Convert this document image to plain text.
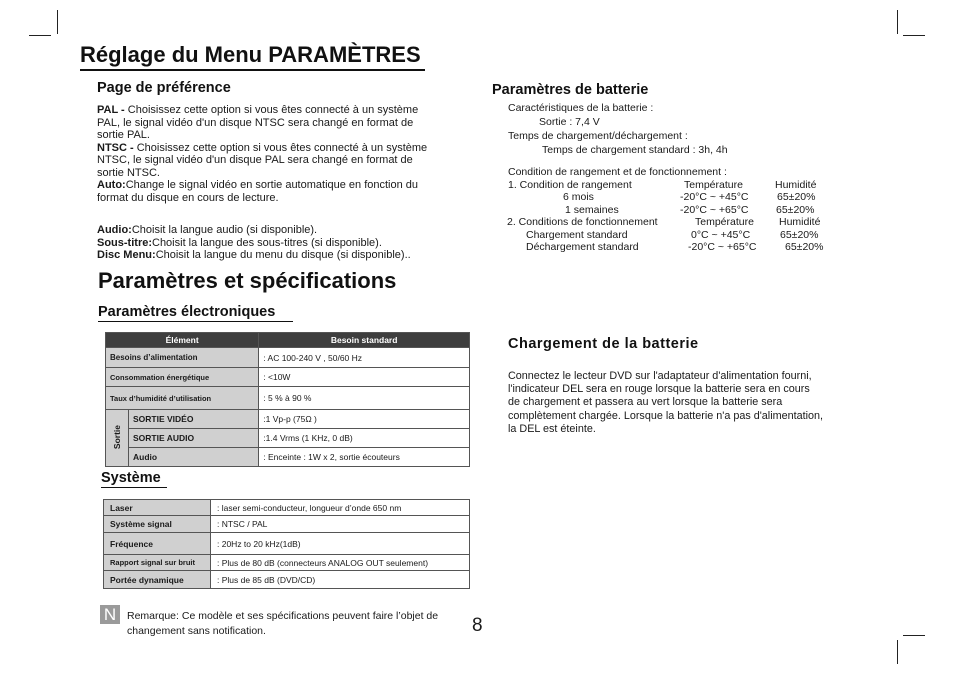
Réglage du Menu PARAMÈTRES
Page de préférence
PAL - Choisissez cette option si vous êtes connecté à un système
PAL, le signal vidéo d'un disque NTSC sera changé en format de
sortie PAL.
NTSC - Choisissez cette option si vous êtes connecté à un système
NTSC, le signal vidéo d'un disque PAL sera changé en format de
sortie NTSC.
Auto:Change le signal vidéo en sortie automatique en fonction du
format du disque en cours de lecture.
Audio:Choisit la langue audio (si disponible).
Sous-titre:Choisit la langue des sous-titres (si disponible).
Disc Menu:Choisit la langue du menu du disque (si disponible)..
Paramètres et spécifications
Paramètres électroniques
Élément		Besoin standard
Besoins d’alimentation		: AC 100-240 V , 50/60 Hz
Consommation énergétique		: <10W
Taux d’humidité d’utilisation		: 5 % à 90 %
Sortie	SORTIE VIDÉO	:1 Vp-p (75Ω )
	SORTIE AUDIO	:1.4 Vrms (1 KHz, 0 dB)
	Audio	: Enceinte : 1W x 2, sortie écouteurs
Système
Laser	: laser semi-conducteur, longueur d’onde 650 nm
Système signal	: NTSC / PAL
Fréquence	: 20Hz to 20 kHz(1dB)
Rapport signal sur bruit	: Plus de 80 dB (connecteurs ANALOG OUT seulement)
Portée dynamique	: Plus de 85 dB (DVD/CD)
N	Remarque: Ce modèle et ses spécifications peuvent faire l’objet de
changement sans notification.	8
Paramètres de batterie
Caractéristiques de la batterie :
Sortie : 7,4 V
Temps de chargement/déchargement :
Temps de chargement standard : 3h, 4h
Condition de rangement et de fonctionnement :
1. Condition de rangement	Température	Humidité
6 mois	-20°C ~ +45°C	65±20%
1 semaines	-20°C ~ +65°C	65±20%
2. Conditions de fonctionnement	Température Humidité
Chargement standard	0°C ~ +45°C	65±20%
Déchargement standard	-20°C ~ +65°C	65±20%
Chargement de la batterie
Connectez le lecteur DVD sur l'adaptateur d'alimentation fourni,
l'indicateur DEL sera en rouge lorsque la batterie sera en cours
de chargement et passera au vert lorsque la batterie sera
complètement chargée. Lorsque la batterie n'a pas d'alimentation,
la DEL est éteinte.
